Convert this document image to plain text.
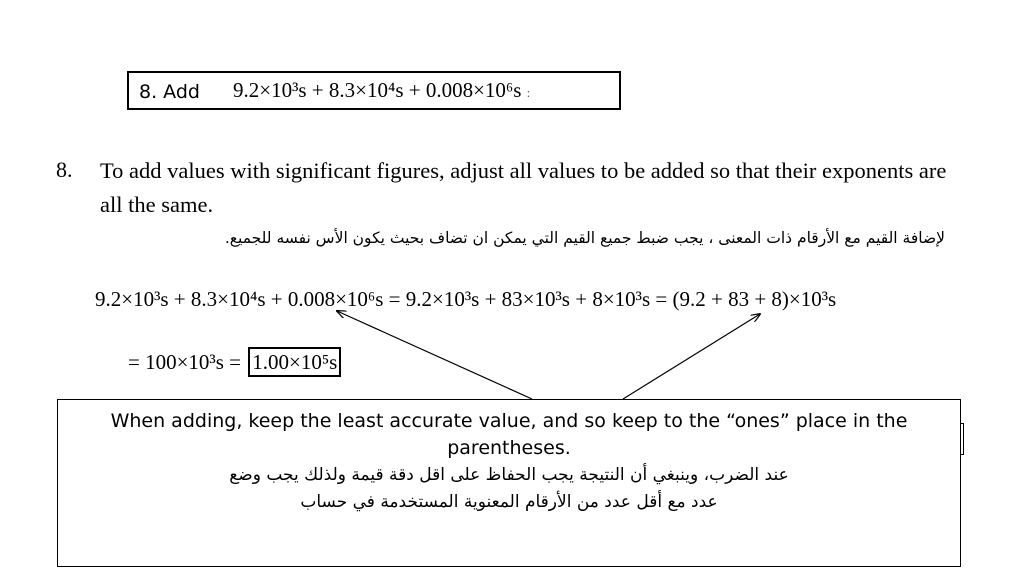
8. Add 9.2×10³s + 8.3×10⁴s + 0.008×10⁶s :
8. To add values with significant figures, adjust all values to be added so that their exponents are all the same.
لإضافة القيم مع الأرقام ذات المعنى ، يجب ضبط جميع القيم التي يمكن ان تضاف بحيث يكون الأس نفسه للجميع.
9.2×10³s + 8.3×10⁴s + 0.008×10⁶s = 9.2×10³s + 83×10³s + 8×10³s = (9.2 + 83 + 8)×10³s
= 100×10³s = 1.00×10⁵s
When adding, keep the least accurate value, and so keep to the “ones” place in the parentheses.
عند الضرب، وينبغي أن النتيجة يجب الحفاظ على اقل دقة قيمة ولذلك يجب وضع
عدد مع أقل عدد من الأرقام المعنوية المستخدمة في حساب
